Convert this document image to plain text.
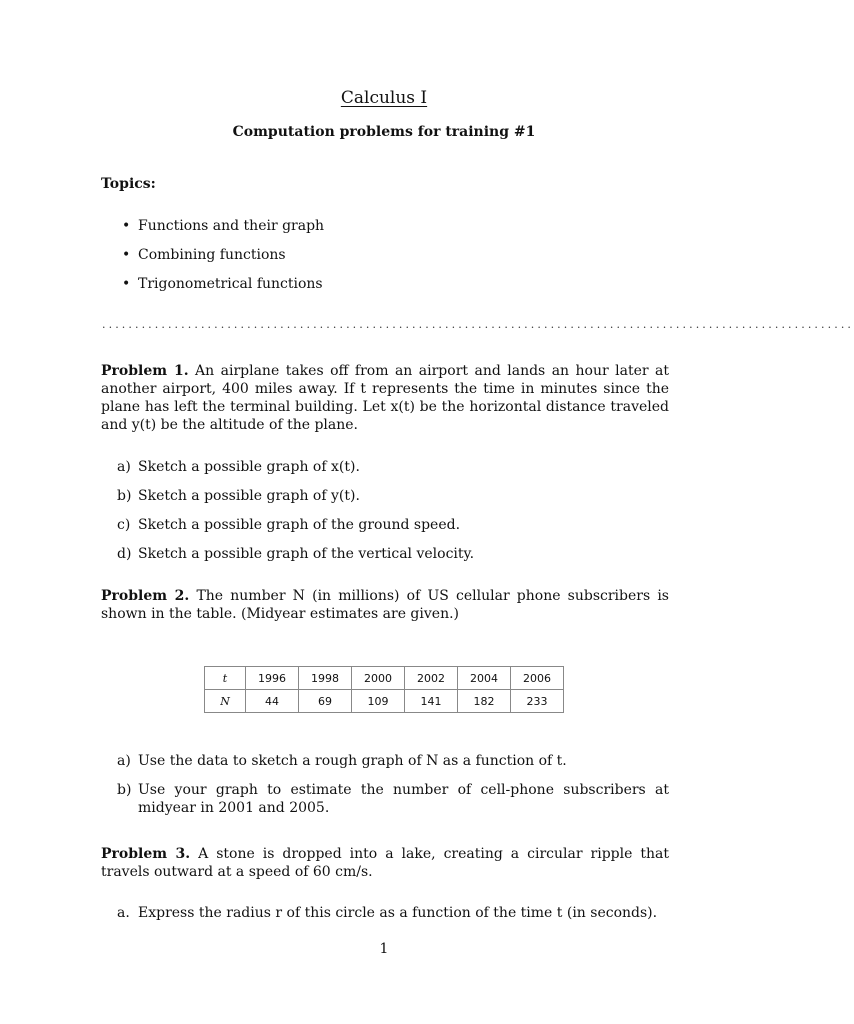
Calculus I
Computation problems for training #1
Topics:
• Functions and their graph
• Combining functions
• Trigonometrical functions
..................................................................................................................

Problem 1. An airplane takes off from an airport and lands an hour later at another airport, 400 miles away. If t represents the time in minutes since the plane has left the terminal building. Let x(t) be the horizontal distance traveled and y(t) be the altitude of the plane.

a) Sketch a possible graph of x(t).
b) Sketch a possible graph of y(t).
c) Sketch a possible graph of the ground speed.
d) Sketch a possible graph of the vertical velocity.

Problem 2. The number N (in millions) of US cellular phone subscribers is shown in the table. (Midyear estimates are given.)

t	1996	1998	2000	2002	2004	2006
N	44	69	109	141	182	233
a) Use the data to sketch a rough graph of N as a function of t.
b) Use your graph to estimate the number of cell-phone subscribers at midyear in 2001 and 2005.

Problem 3. A stone is dropped into a lake, creating a circular ripple that travels outward at a speed of 60 cm/s.

a. Express the radius r of this circle as a function of the time t (in seconds).
1
